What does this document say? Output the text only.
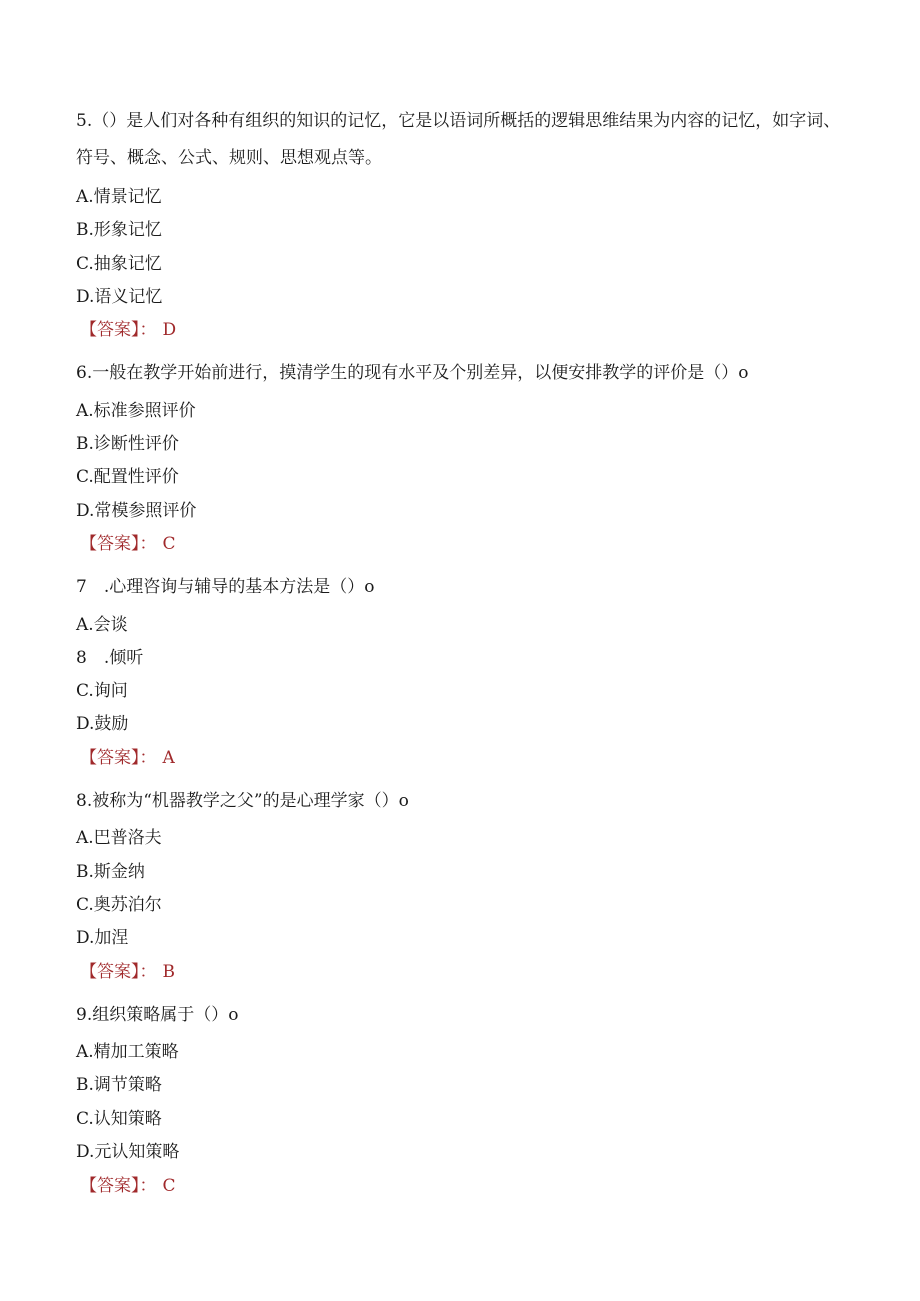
5.（）是人们对各种有组织的知识的记忆，它是以语词所概括的逻辑思维结果为内容的记忆，如字词、符号、概念、公式、规则、思想观点等。
A.情景记忆
B.形象记忆
C.抽象记忆
D.语义记忆
【答案】： D
6.一般在教学开始前进行，摸清学生的现有水平及个别差异，以便安排教学的评价是（）o
A.标准参照评价
B.诊断性评价
C.配置性评价
D.常模参照评价
【答案】： C
7　.心理咨询与辅导的基本方法是（）o
A.会谈
8　.倾听
C.询问
D.鼓励
【答案】： A
8.被称为“机器教学之父”的是心理学家（）o
A.巴普洛夫
B.斯金纳
C.奥苏泊尔
D.加涅
【答案】： B
9.组织策略属于（）o
A.精加工策略
B.调节策略
C.认知策略
D.元认知策略
【答案】： C
